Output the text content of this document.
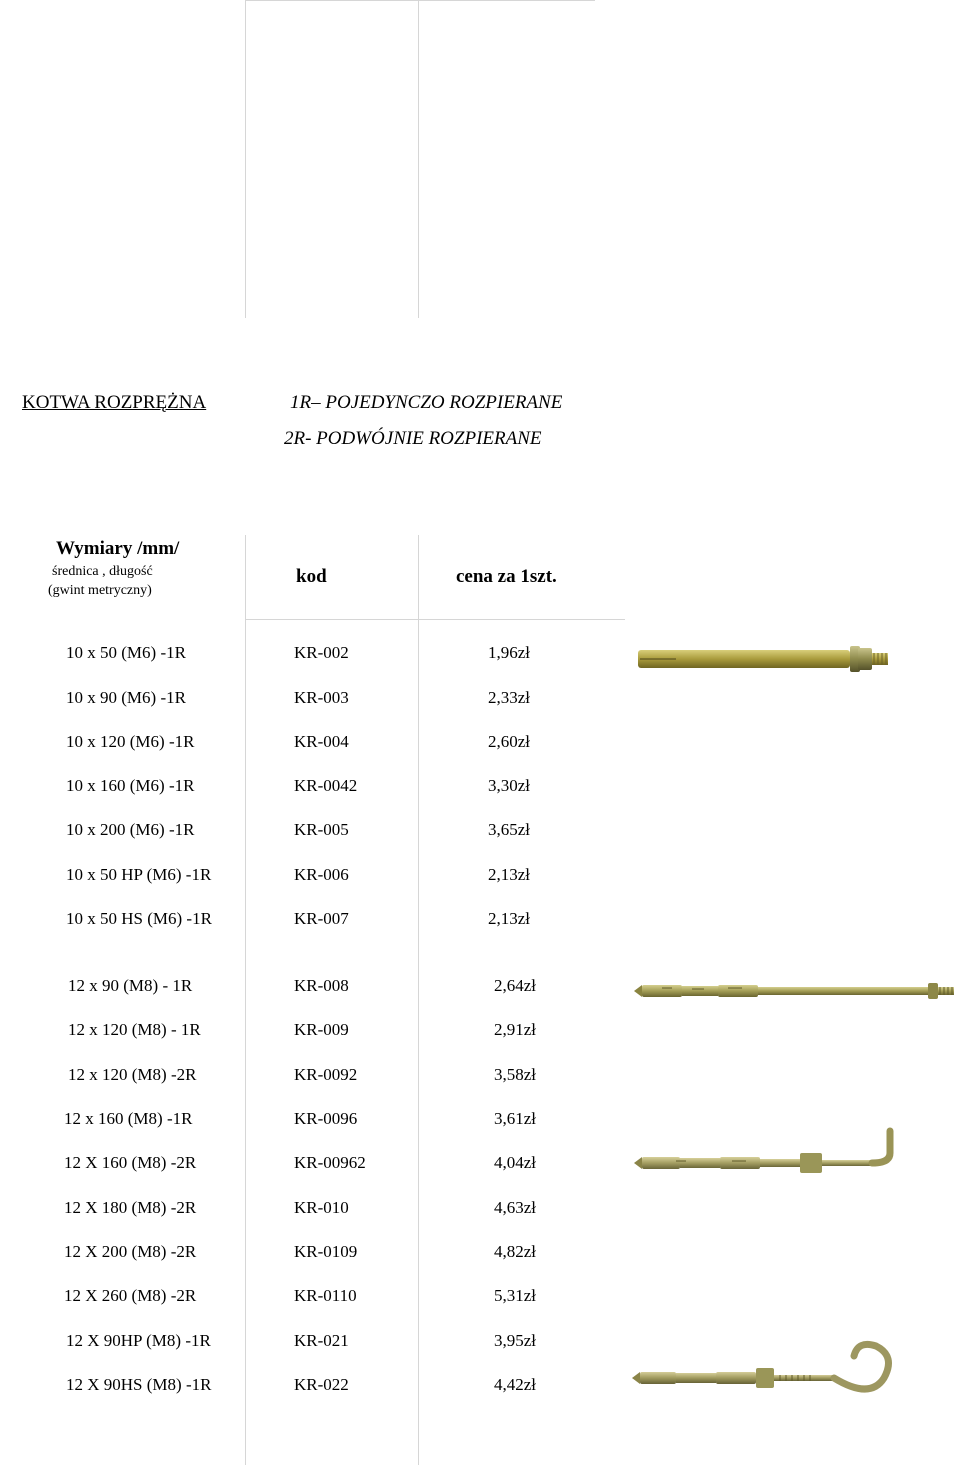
KOTWA ROZPRĘŻNA	1R– POJEDYNCZO ROZPIERANE
2R- PODWÓJNIE ROZPIERANE
Wymiary /mm/
średnica , długość
(gwint metryczny)
kod	cena za 1szt.
10 x 50 (M6) -1R	KR-002	1,96zł
10 x 90 (M6) -1R	KR-003	2,33zł
10 x 120 (M6) -1R	KR-004	2,60zł
10 x 160 (M6) -1R	KR-0042	3,30zł
10 x 200 (M6) -1R	KR-005	3,65zł
10 x 50 HP (M6) -1R	KR-006	2,13zł
10 x 50 HS (M6) -1R	KR-007	2,13zł
12 x 90 (M8) - 1R	KR-008	2,64zł
12 x 120 (M8) - 1R	KR-009	2,91zł
12 x 120 (M8) -2R	KR-0092	3,58zł
12 x 160 (M8) -1R	KR-0096	3,61zł
12 X 160 (M8) -2R	KR-00962	4,04zł
12 X 180 (M8) -2R	KR-010	4,63zł
12 X 200 (M8) -2R	KR-0109	4,82zł
12 X 260 (M8) -2R	KR-0110	5,31zł
12 X 90HP (M8) -1R	KR-021	3,95zł
12 X 90HS (M8) -1R	KR-022	4,42zł
